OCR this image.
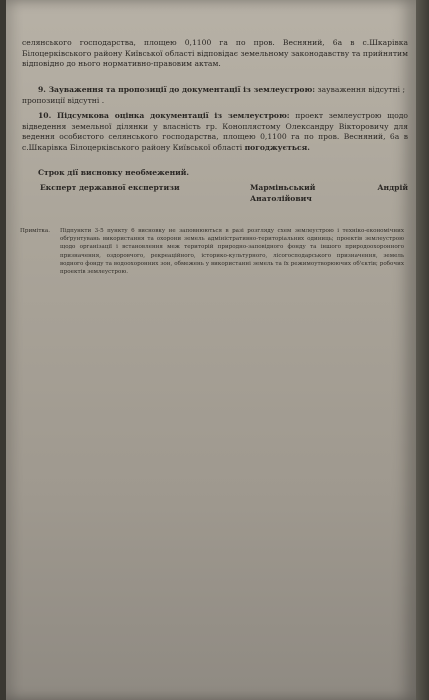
селянського господарства, площею 0,1100 га по пров. Весняний, 6а в с.Шкарівка Білоцерківського району Київської області відповідає земельному законодавству та прийнятим відповідно до нього нормативно-правовим актам.

9. Зауваження та пропозиції до документації із землеустрою: зауваження відсутні ;
пропозиції відсутні .

10. Підсумкова оцінка документації із землеустрою: проект землеустрою щодо відведення земельної ділянки у власність гр. Коноплястому Олександру Вікторовичу для ведення особистого селянського господарства, площею 0,1100 га по пров. Весняний, 6а в с.Шкарівка Білоцерківського району Київської області погоджується.

Строк дії висновку необмежений.

Експерт державної експертизи	Марміньський Андрій Анатолійович
Примітка. Підпункти 3-5 пункту 6 висновку не заповнюються в разі розгляду схем землеустрою і техніко-економічних обґрунтувань використання та охорони земель адміністративно-територіальних одиниць; проектів землеустрою щодо організації і встановлення меж територій природно-заповідного фонду та іншого природоохоронного призначення, оздоровчого, рекреаційного, історико-культурного, лісогосподарського призначення, земель водного фонду та водоохоронних зон, обмежень у використанні земель та їх режимоутворюючих об'єктів; робочих проектів землеустрою.
